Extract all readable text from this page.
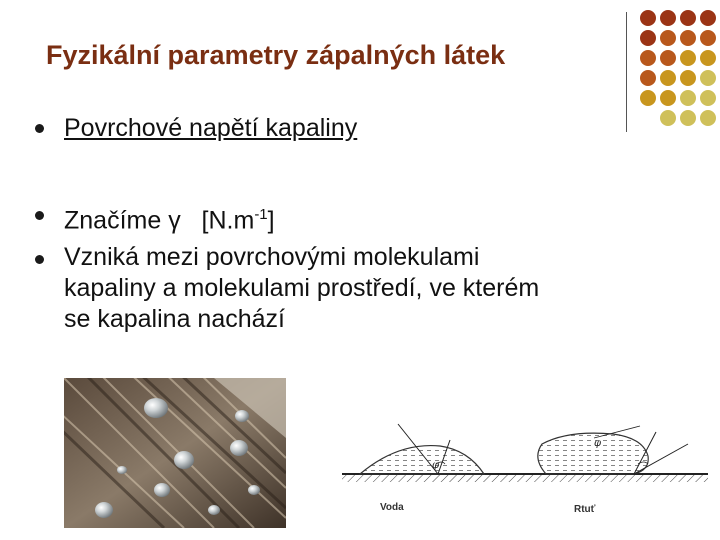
Fyzikální parametry zápalných látek
Povrchové napětí kapaliny
Značíme γ   $[N.m^{-1}]$
Vzniká mezi povrchovými molekulami
kapaliny a molekulami prostředí, ve kterém
se kapalina nachází
φ
φ
Voda	Rtuť
